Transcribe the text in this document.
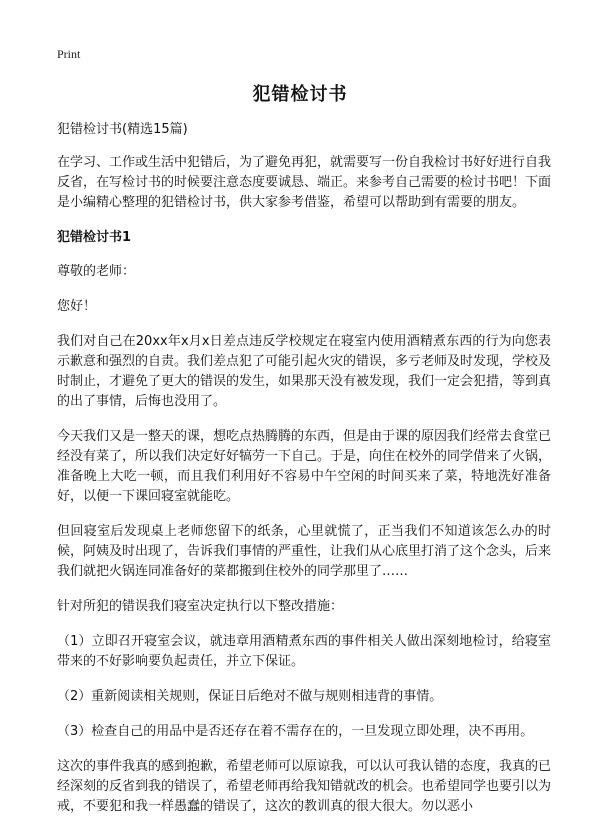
Print
犯错检讨书

犯错检讨书(精选15篇)

在学习、工作或生活中犯错后，为了避免再犯，就需要写一份自我检讨书好好进行自我反省，在写检讨书的时候要注意态度要诚恳、端正。来参考自己需要的检讨书吧！下面是小编精心整理的犯错检讨书，供大家参考借鉴，希望可以帮助到有需要的朋友。

犯错检讨书1

尊敬的老师：

您好！

我们对自己在20xx年x月x日差点违反学校规定在寝室内使用酒精煮东西的行为向您表示歉意和强烈的自责。我们差点犯了可能引起火灾的错误，多亏老师及时发现，学校及时制止，才避免了更大的错误的发生，如果那天没有被发现，我们一定会犯措，等到真的出了事情，后悔也没用了。

今天我们又是一整天的课，想吃点热腾腾的东西，但是由于课的原因我们经常去食堂已经没有菜了，所以我们决定好好犒劳一下自己。于是，向住在校外的同学借来了火锅，准备晚上大吃一顿，而且我们利用好不容易中午空闲的时间买来了菜，特地洗好准备好，以便一下课回寝室就能吃。

但回寝室后发现桌上老师您留下的纸条，心里就慌了，正当我们不知道该怎么办的时候，阿姨及时出现了，告诉我们事情的严重性，让我们从心底里打消了这个念头，后来我们就把火锅连同准备好的菜都搬到住校外的同学那里了……

针对所犯的错误我们寝室决定执行以下整改措施：

（1）立即召开寝室会议，就违章用酒精煮东西的事件相关人做出深刻地检讨，给寝室带来的不好影响要负起责任，并立下保证。

（2）重新阅读相关规则，保证日后绝对不做与规则相违背的事情。

（3）检查自己的用品中是否还存在着不需存在的，一旦发现立即处理，决不再用。

这次的事件我真的感到抱歉，希望老师可以原谅我，可以认可我认错的态度，我真的已经深刻的反省到我的错误了，希望老师再给我知错就改的机会。也希望同学也要引以为戒，不要犯和我一样愚蠢的错误了，这次的教训真的很大很大。勿以恶小
